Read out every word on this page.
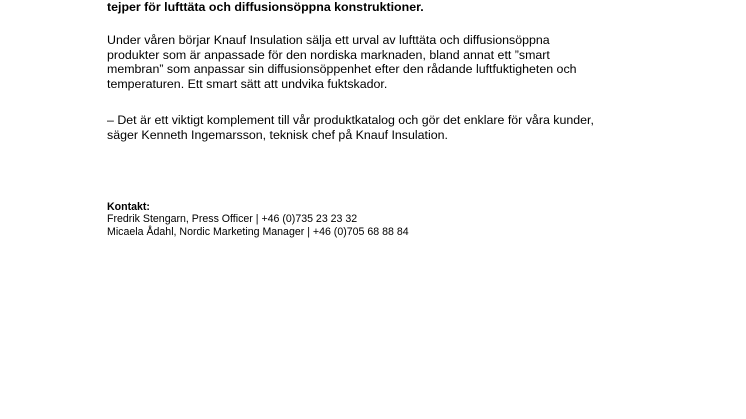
tejper för lufttäta och diffusionsöppna konstruktioner.
Under våren börjar Knauf Insulation sälja ett urval av lufttäta och diffusionsöppna
produkter som är anpassade för den nordiska marknaden, bland annat ett ”smart
membran” som anpassar sin diffusionsöppenhet efter den rådande luftfuktigheten och
temperaturen. Ett smart sätt att undvika fuktskador.
– Det är ett viktigt komplement till vår produktkatalog och gör det enklare för våra kunder,
säger Kenneth Ingemarsson, teknisk chef på Knauf Insulation.
Kontakt:
Fredrik Stengarn, Press Officer | +46 (0)735 23 23 32
Micaela Ådahl, Nordic Marketing Manager | +46 (0)705 68 88 84
